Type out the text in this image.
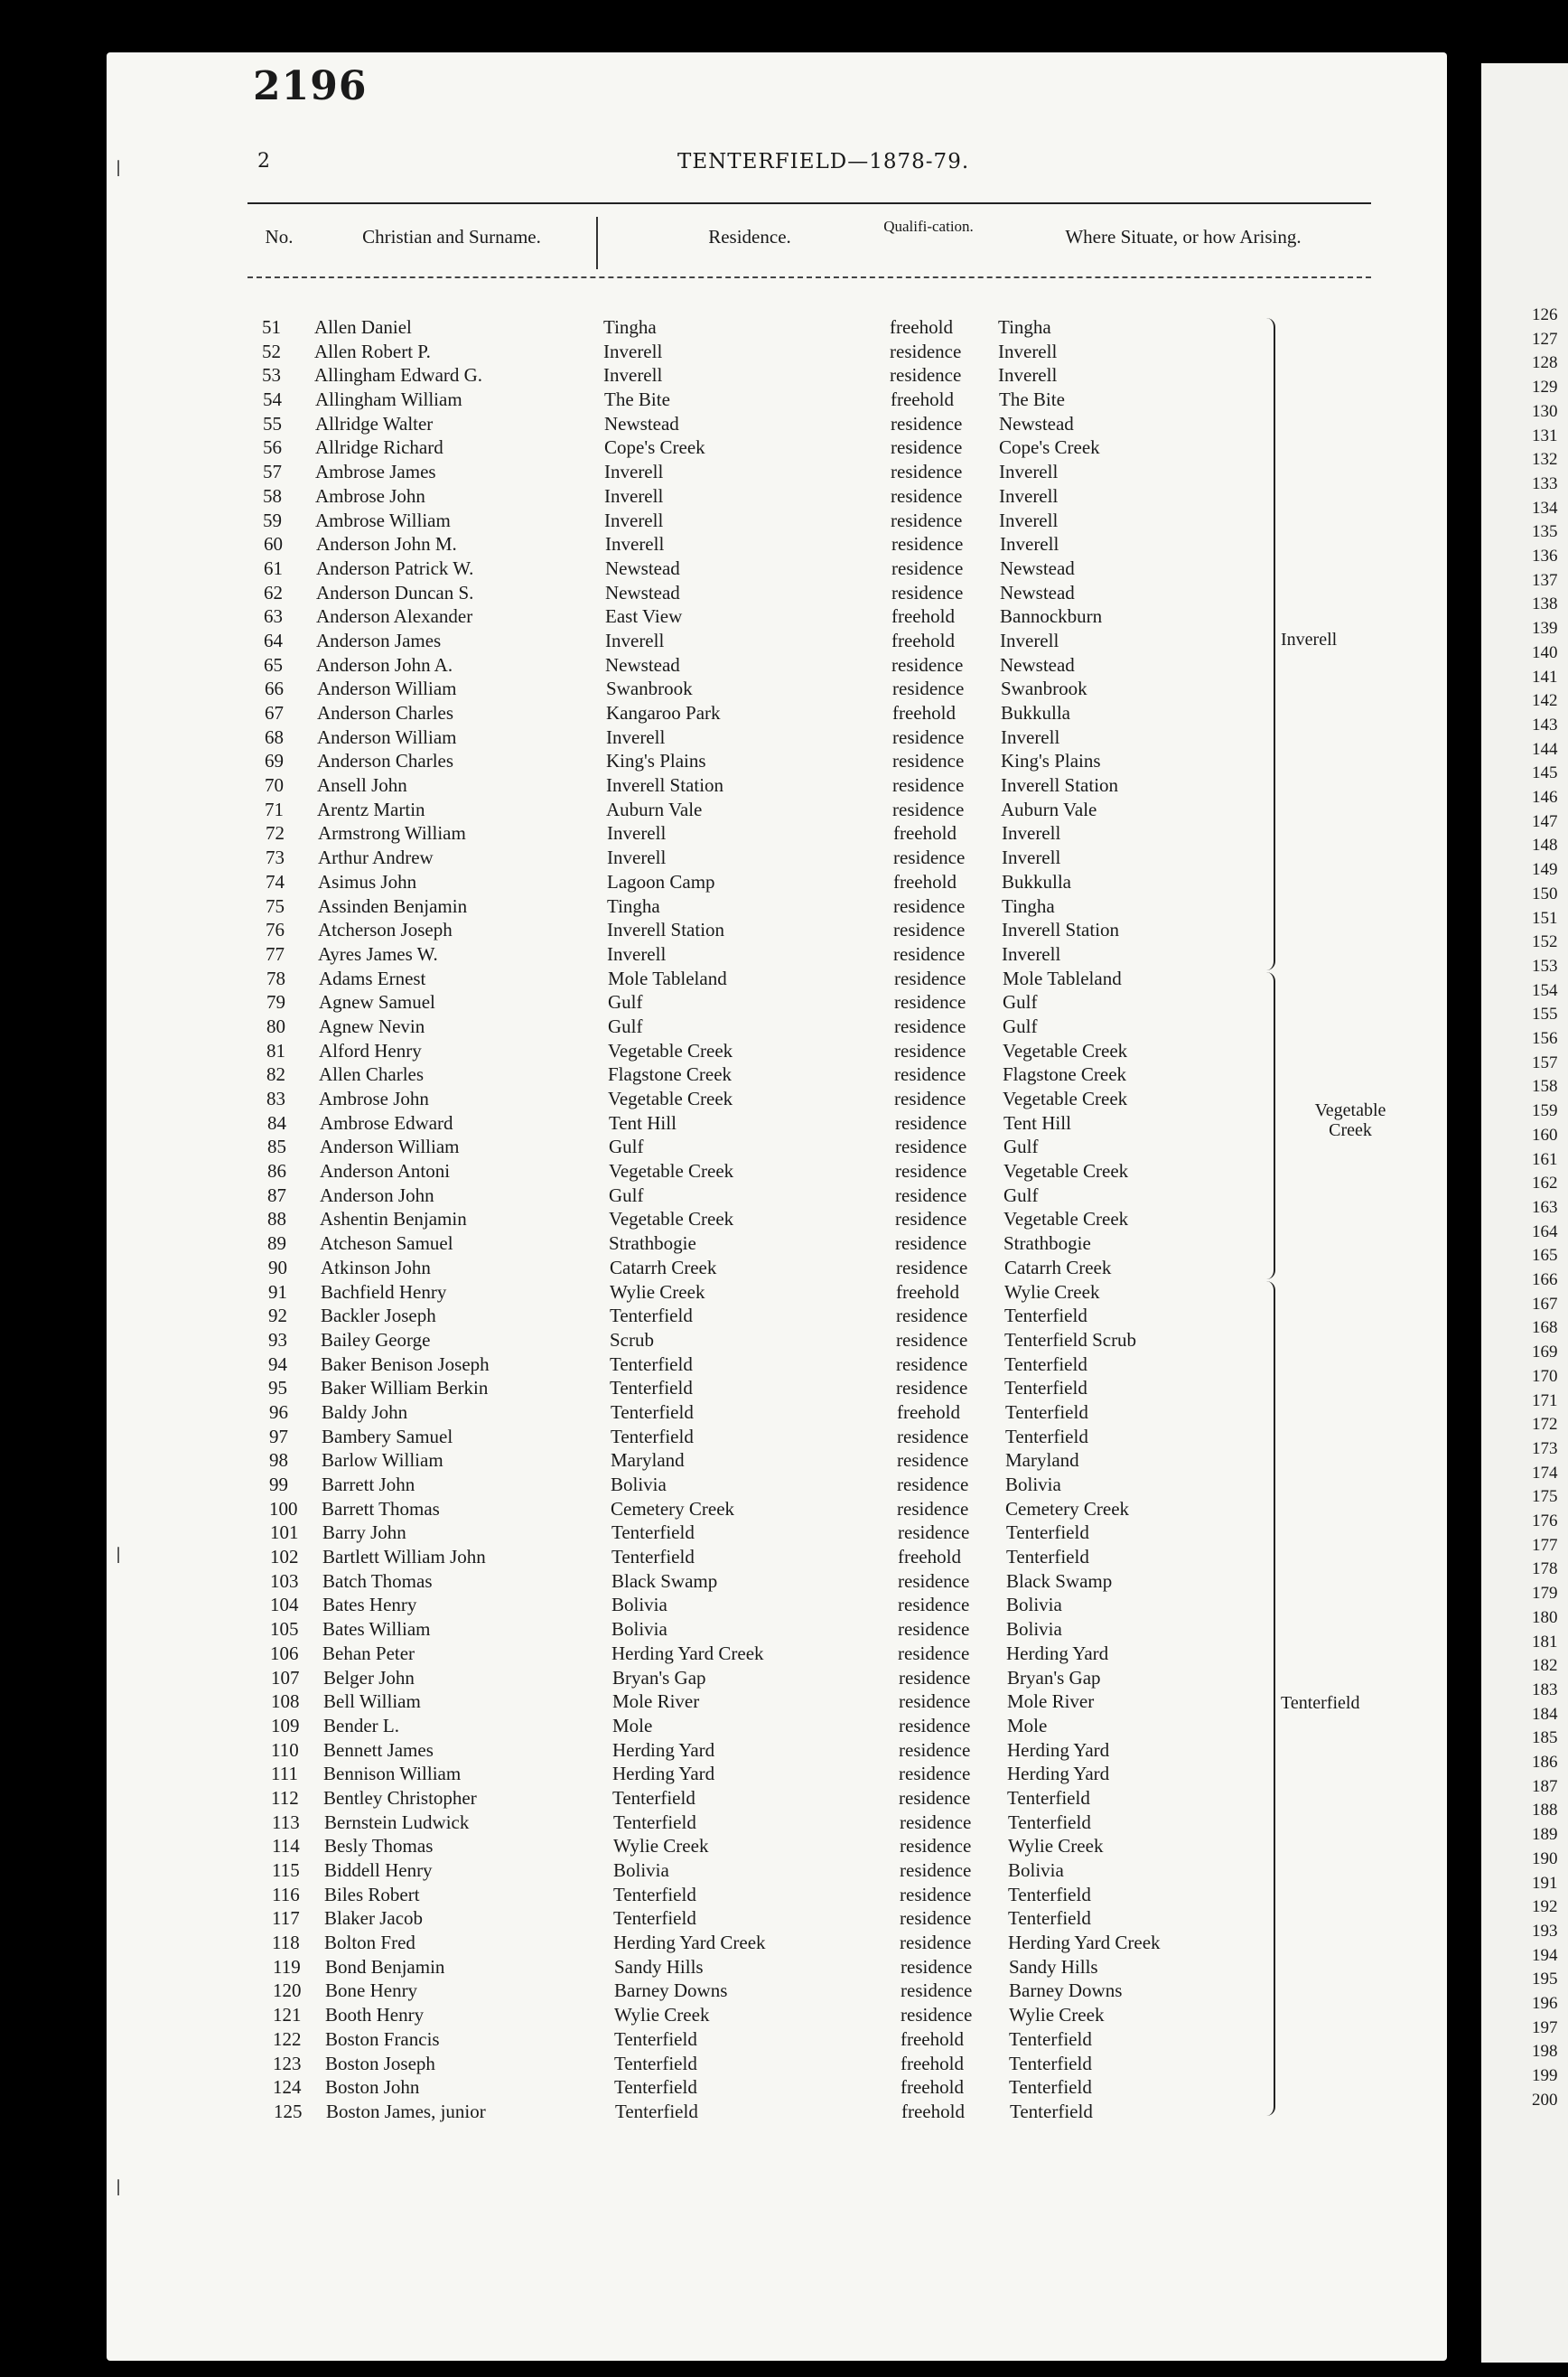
126
127
128
129
130
131
132
133
134
135
136
137
138
139
140
141
142
143
144
145
146
147
148
149
150
151
152
153
154
155
156
157
158
159
160
161
162
163
164
165
166
167
168
169
170
171
172
173
174
175
176
177
178
179
180
181
182
183
184
185
186
187
188
189
190
191
192
193
194
195
196
197
198
199
200
2196
2	TENTERFIELD—1878-79.
No.	Christian and Surname.	Residence.	Qualifi-cation.	Where Situate, or how Arising.
51	Allen Daniel	Tingha	freehold Tingha
52	Allen Robert P.	Inverell	residence Inverell
53	Allingham Edward G.	Inverell	residence Inverell
54	Allingham William	The Bite	freehold The Bite
55	Allridge Walter	Newstead	residence Newstead
56	Allridge Richard	Cope's Creek	residence Cope's Creek
57	Ambrose James	Inverell	residence Inverell
58	Ambrose John	Inverell	residence Inverell
59	Ambrose William	Inverell	residence Inverell
60	Anderson John M.	Inverell	residence Inverell
61	Anderson Patrick W.	Newstead	residence Newstead
62	Anderson Duncan S.	Newstead	residence Newstead
63	Anderson Alexander	East View	freehold Bannockburn
64	Anderson James	Inverell	freehold Inverell
65	Anderson John A.	Newstead	residence Newstead
66	Anderson William	Swanbrook	residence Swanbrook
67	Anderson Charles	Kangaroo Park	freehold Bukkulla
68	Anderson William	Inverell	residence Inverell
69	Anderson Charles	King's Plains	residence King's Plains
70	Ansell John	Inverell Station	residence Inverell Station
71	Arentz Martin	Auburn Vale	residence Auburn Vale
72	Armstrong William	Inverell	freehold Inverell
73	Arthur Andrew	Inverell	residence Inverell
74	Asimus John	Lagoon Camp	freehold Bukkulla
75	Assinden Benjamin	Tingha	residence Tingha
76	Atcherson Joseph	Inverell Station	residence Inverell Station
77	Ayres James W.	Inverell	residence Inverell
78	Adams Ernest	Mole Tableland	residence Mole Tableland
79	Agnew Samuel	Gulf	residence Gulf
80	Agnew Nevin	Gulf	residence Gulf
81	Alford Henry	Vegetable Creek	residence Vegetable Creek
82	Allen Charles	Flagstone Creek	residence Flagstone Creek
83	Ambrose John	Vegetable Creek	residence Vegetable Creek
84	Ambrose Edward	Tent Hill	residence Tent Hill
85	Anderson William	Gulf	residence Gulf
86	Anderson Antoni	Vegetable Creek	residence Vegetable Creek
87	Anderson John	Gulf	residence Gulf
88	Ashentin Benjamin	Vegetable Creek	residence Vegetable Creek
89	Atcheson Samuel	Strathbogie	residence Strathbogie
90	Atkinson John	Catarrh Creek	residence Catarrh Creek
91	Bachfield Henry	Wylie Creek	freehold Wylie Creek
92	Backler Joseph	Tenterfield	residence Tenterfield
93	Bailey George	Scrub	residence Tenterfield Scrub
94	Baker Benison Joseph	Tenterfield	residence Tenterfield
95	Baker William Berkin	Tenterfield	residence Tenterfield
96	Baldy John	Tenterfield	freehold Tenterfield
97	Bambery Samuel	Tenterfield	residence Tenterfield
98	Barlow William	Maryland	residence Maryland
99	Barrett John	Bolivia	residence Bolivia
100	Barrett Thomas	Cemetery Creek	residence Cemetery Creek
101	Barry John	Tenterfield	residence Tenterfield
102	Bartlett William John	Tenterfield	freehold Tenterfield
103	Batch Thomas	Black Swamp	residence Black Swamp
104	Bates Henry	Bolivia	residence Bolivia
105	Bates William	Bolivia	residence Bolivia
106	Behan Peter	Herding Yard Creek	residence Herding Yard
107	Belger John	Bryan's Gap	residence Bryan's Gap
108	Bell William	Mole River	residence Mole River
109	Bender L.	Mole	residence Mole
110	Bennett James	Herding Yard	residence Herding Yard
111	Bennison William	Herding Yard	residence Herding Yard
112	Bentley Christopher	Tenterfield	residence Tenterfield
113	Bernstein Ludwick	Tenterfield	residence Tenterfield
114	Besly Thomas	Wylie Creek	residence Wylie Creek
115	Biddell Henry	Bolivia	residence Bolivia
116	Biles Robert	Tenterfield	residence Tenterfield
117	Blaker Jacob	Tenterfield	residence Tenterfield
118	Bolton Fred	Herding Yard Creek	residence Herding Yard Creek
119	Bond Benjamin	Sandy Hills	residence Sandy Hills
120	Bone Henry	Barney Downs	residence Barney Downs
121	Booth Henry	Wylie Creek	residence Wylie Creek
122	Boston Francis	Tenterfield	freehold Tenterfield
123	Boston Joseph	Tenterfield	freehold Tenterfield
124	Boston John	Tenterfield	freehold Tenterfield
125	Boston James, junior	Tenterfield	freehold Tenterfield
Inverell
Vegetable Creek
Tenterfield
|
|
|
